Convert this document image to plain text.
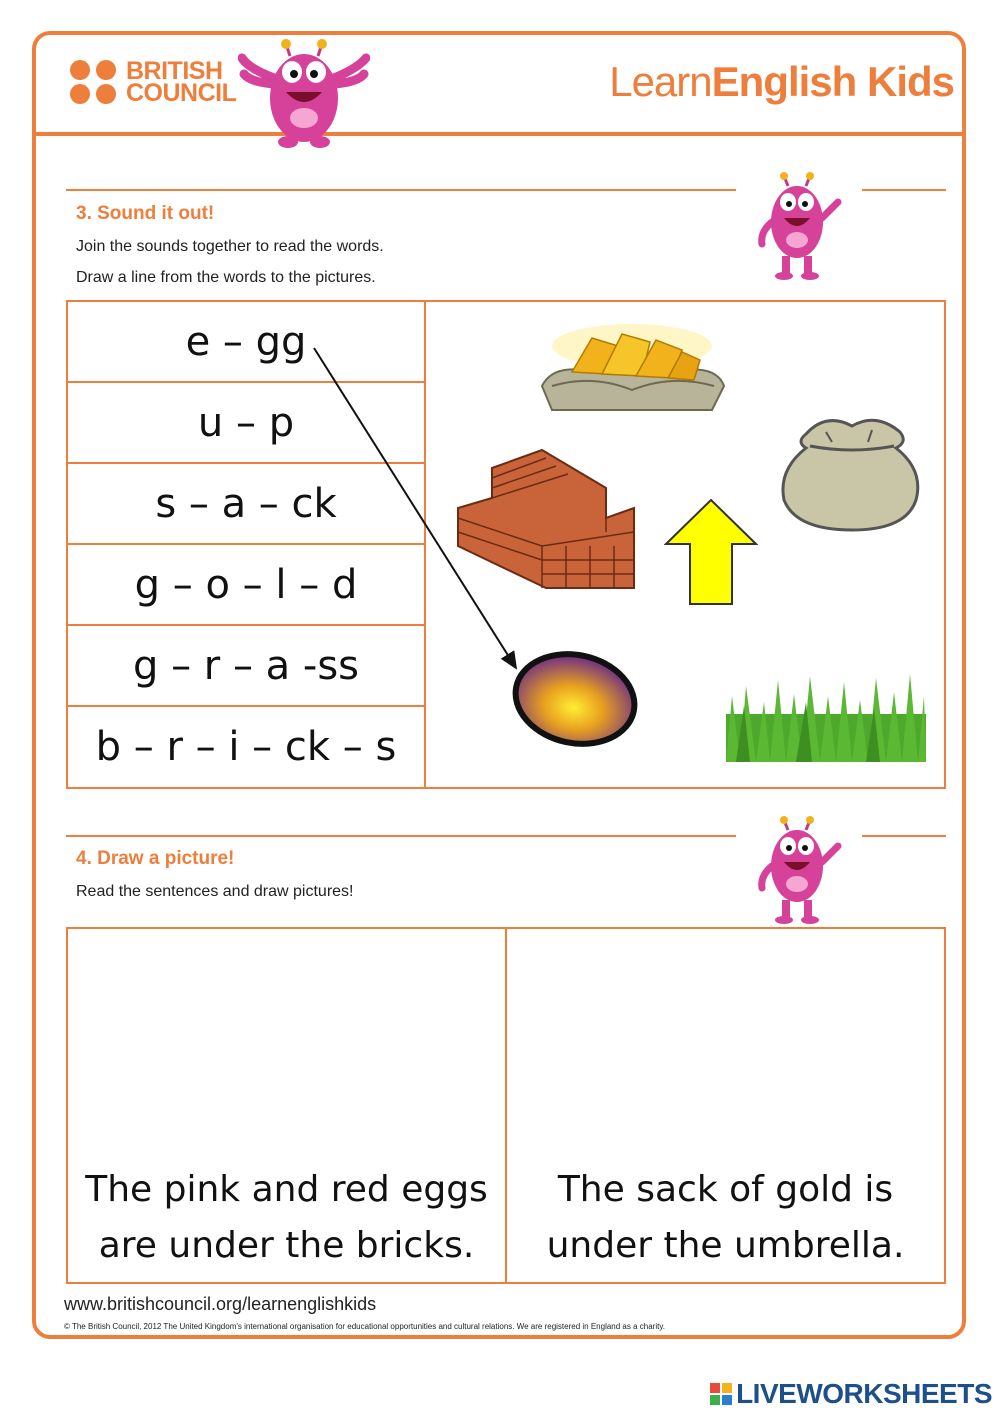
BRITISH
COUNCIL	LearnEnglish Kids
3. Sound it out!
Join the sounds together to read the words.
Draw a line from the words to the pictures.
e – gg
u – p
s – a – ck
g – o – l – d
g – r – a -ss
b – r – i – ck – s
4. Draw a picture!
Read the sentences and draw pictures!
The pink and red eggs
are under the bricks.
The sack of gold is
under the umbrella.
www.britishcouncil.org/learnenglishkids
© The British Council, 2012 The United Kingdom's international organisation for educational opportunities and cultural relations. We are registered in England as a charity.
LIVEWORKSHEETS
